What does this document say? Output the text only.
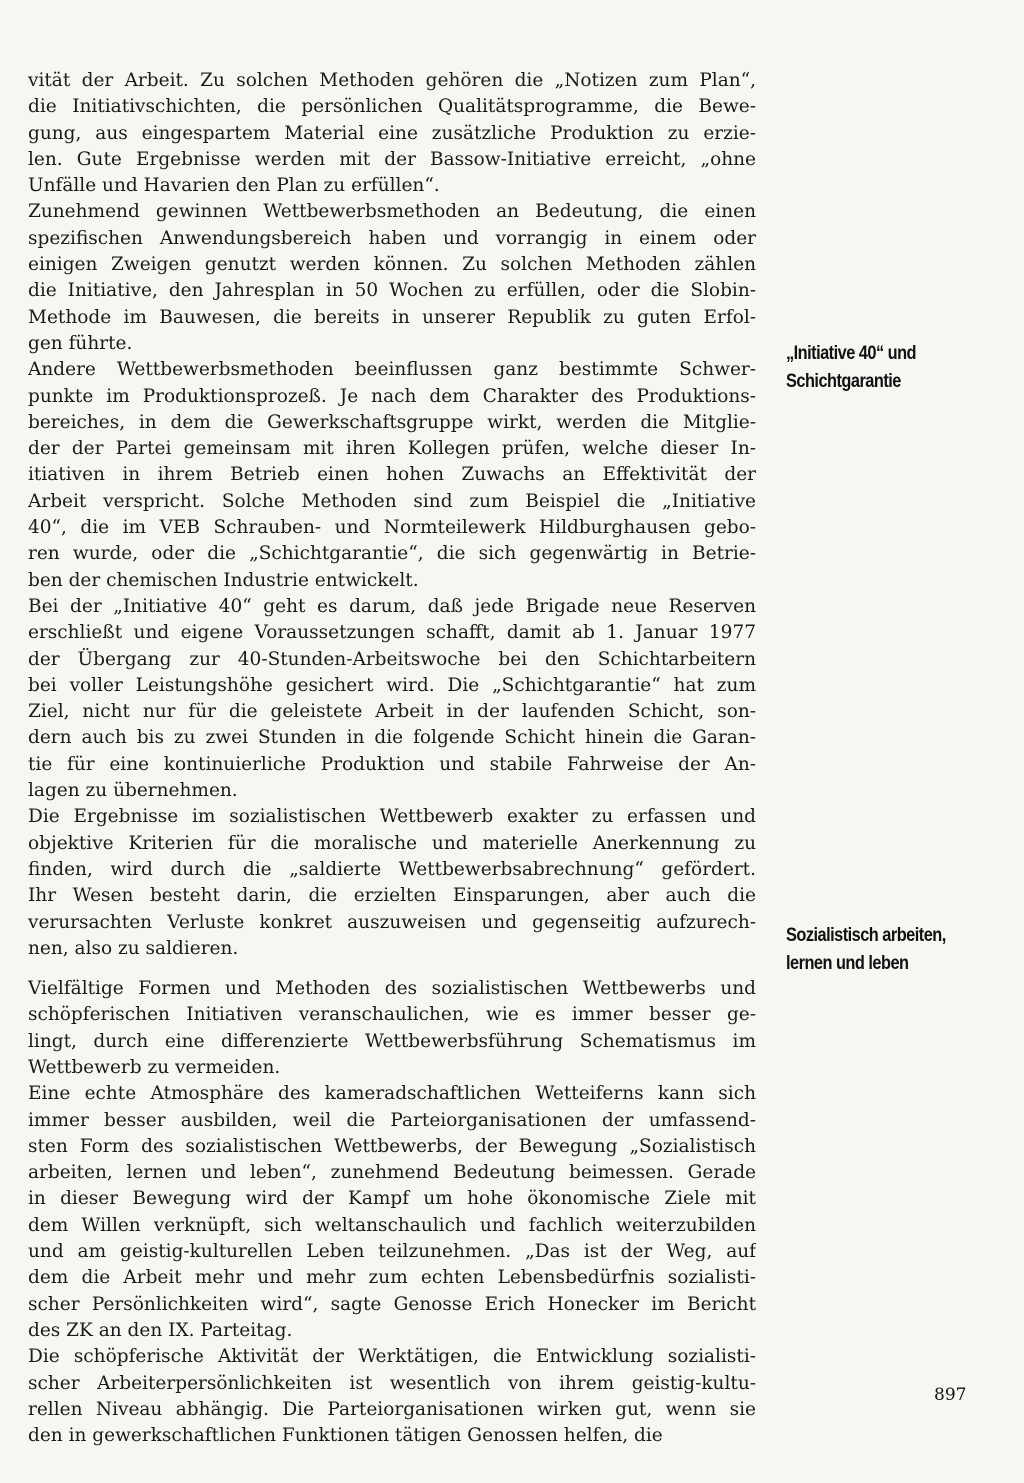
vität der Arbeit. Zu solchen Methoden gehören die „Notizen zum Plan“,
die Initiativschichten, die persönlichen Qualitätsprogramme, die Bewe-
gung, aus eingespartem Material eine zusätzliche Produktion zu erzie-
len. Gute Ergebnisse werden mit der Bassow-Initiative erreicht, „ohne
Unfälle und Havarien den Plan zu erfüllen“.
Zunehmend gewinnen Wettbewerbsmethoden an Bedeutung, die einen
spezifischen Anwendungsbereich haben und vorrangig in einem oder
einigen Zweigen genutzt werden können. Zu solchen Methoden zählen
die Initiative, den Jahresplan in 50 Wochen zu erfüllen, oder die Slobin-
Methode im Bauwesen, die bereits in unserer Republik zu guten Erfol-
gen führte.
Andere Wettbewerbsmethoden beeinflussen ganz bestimmte Schwer-
punkte im Produktionsprozeß. Je nach dem Charakter des Produktions-
bereiches, in dem die Gewerkschaftsgruppe wirkt, werden die Mitglie-
der der Partei gemeinsam mit ihren Kollegen prüfen, welche dieser In-
itiativen in ihrem Betrieb einen hohen Zuwachs an Effektivität der
Arbeit verspricht. Solche Methoden sind zum Beispiel die „Initiative
40“, die im VEB Schrauben- und Normteilewerk Hildburghausen gebo-
ren wurde, oder die „Schichtgarantie“, die sich gegenwärtig in Betrie-
ben der chemischen Industrie entwickelt.
Bei der „Initiative 40“ geht es darum, daß jede Brigade neue Reserven
erschließt und eigene Voraussetzungen schafft, damit ab 1. Januar 1977
der Übergang zur 40-Stunden-Arbeitswoche bei den Schichtarbeitern
bei voller Leistungshöhe gesichert wird. Die „Schichtgarantie“ hat zum
Ziel, nicht nur für die geleistete Arbeit in der laufenden Schicht, son-
dern auch bis zu zwei Stunden in die folgende Schicht hinein die Garan-
tie für eine kontinuierliche Produktion und stabile Fahrweise der An-
lagen zu übernehmen.
Die Ergebnisse im sozialistischen Wettbewerb exakter zu erfassen und
objektive Kriterien für die moralische und materielle Anerkennung zu
finden, wird durch die „saldierte Wettbewerbsabrechnung“ gefördert.
Ihr Wesen besteht darin, die erzielten Einsparungen, aber auch die
verursachten Verluste konkret auszuweisen und gegenseitig aufzurech-
nen, also zu saldieren.
Vielfältige Formen und Methoden des sozialistischen Wettbewerbs und
schöpferischen Initiativen veranschaulichen, wie es immer besser ge-
lingt, durch eine differenzierte Wettbewerbsführung Schematismus im
Wettbewerb zu vermeiden.
Eine echte Atmosphäre des kameradschaftlichen Wetteiferns kann sich
immer besser ausbilden, weil die Parteiorganisationen der umfassend-
sten Form des sozialistischen Wettbewerbs, der Bewegung „Sozialistisch
arbeiten, lernen und leben“, zunehmend Bedeutung beimessen. Gerade
in dieser Bewegung wird der Kampf um hohe ökonomische Ziele mit
dem Willen verknüpft, sich weltanschaulich und fachlich weiterzubilden
und am geistig-kulturellen Leben teilzunehmen. „Das ist der Weg, auf
dem die Arbeit mehr und mehr zum echten Lebensbedürfnis sozialisti-
scher Persönlichkeiten wird“, sagte Genosse Erich Honecker im Bericht
des ZK an den IX. Parteitag.
Die schöpferische Aktivität der Werktätigen, die Entwicklung sozialisti-
scher Arbeiterpersönlichkeiten ist wesentlich von ihrem geistig-kultu-
rellen Niveau abhängig. Die Parteiorganisationen wirken gut, wenn sie
den in gewerkschaftlichen Funktionen tätigen Genossen helfen, die
„Initiative 40“ und
Schichtgarantie
Sozialistisch arbeiten,
lernen und leben
897
